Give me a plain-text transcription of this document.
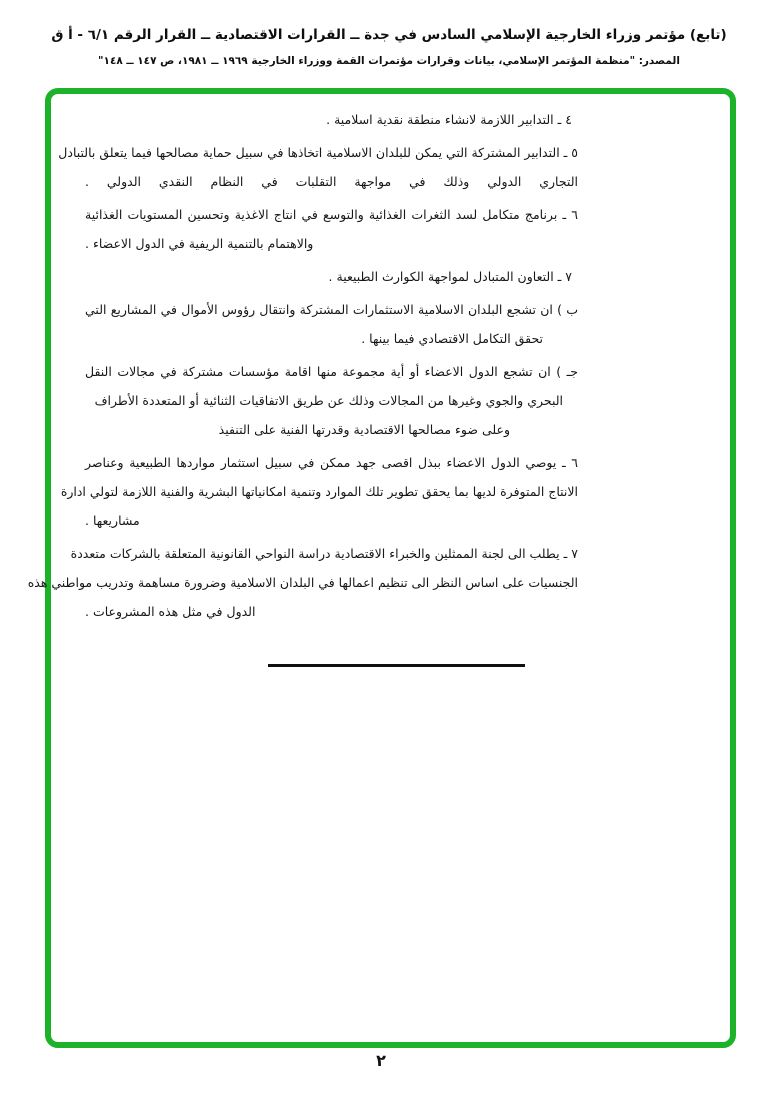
(تابع) مؤتمر وزراء الخارجية الإسلامي السادس في جدة ــ القرارات الاقتصادية ــ القرار الرقم ٦/١ - أ ق
المصدر: "منظمة المؤتمر الإسلامي، بيانات وقرارات مؤتمرات القمة ووزراء الخارجية ١٩٦٩ ــ ١٩٨١، ص ١٤٧ ــ ١٤٨"
٤ ـ التدابير اللازمة لانشاء منطقة نقدية اسلامية .
٥ ـ التدابير المشتركة التي يمكن للبلدان الاسلامية اتخاذها في سبيل حماية مصالحها فيما يتعلق بالتبادل
التجاري الدولي وذلك في مواجهة التقلبات في النظام النقدي الدولي .
٦ ـ برنامج متكامل لسد الثغرات الغذائية والتوسع في انتاج الاغذية وتحسين المستويات الغذائية
والاهتمام بالتنمية الريفية في الدول الاعضاء .
٧ ـ التعاون المتبادل لمواجهة الكوارث الطبيعية .
ب ) ان تشجع البلدان الاسلامية الاستثمارات المشتركة وانتقال رؤوس الأموال في المشاريع التي
تحقق التكامل الاقتصادي فيما بينها .
جـ ) ان تشجع الدول الاعضاء أو أية مجموعة منها اقامة مؤسسات مشتركة في مجالات النقل
البحري والجوي وغيرها من المجالات وذلك عن طريق الاتفاقيات الثنائية أو المتعددة الأطراف
وعلى ضوء مصالحها الاقتصادية وقدرتها الفنية على التنفيذ
٦ ـ يوصي الدول الاعضاء ببذل اقصى جهد ممكن في سبيل استثمار مواردها الطبيعية وعناصر
الانتاج المتوفرة لديها بما يحقق تطوير تلك الموارد وتنمية امكانياتها البشرية والفنية اللازمة لتولي ادارة
مشاريعها .
٧ ـ يطلب الى لجنة الممثلين والخبراء الاقتصادية دراسة النواحي القانونية المتعلقة بالشركات متعددة
الجنسيات على اساس النظر الى تنظيم اعمالها في البلدان الاسلامية وضرورة مساهمة وتدريب مواطني هذه
الدول في مثل هذه المشروعات .
٢
